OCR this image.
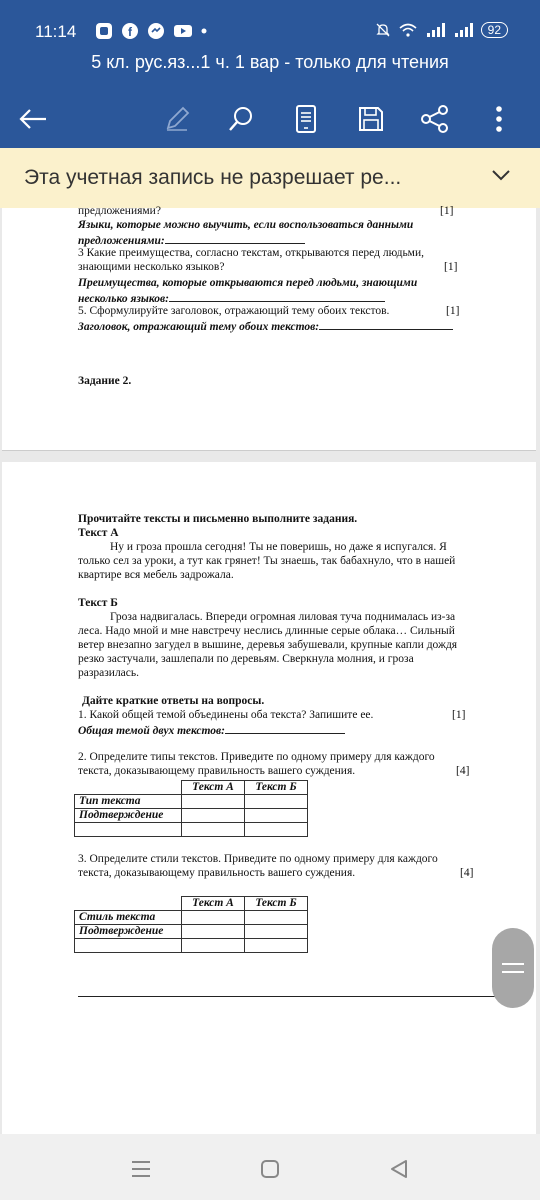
11:14	f	92
5 кл. рус.яз...1 ч. 1 вар - только для чтения
Эта учетная запись не разрешает ре...
предложениями?	[1]
Языки, которые можно выучить, если воспользоваться данными
предложениями:
3 Какие преимущества, согласно текстам, открываются перед людьми,
знающими несколько языков?	[1]
Преимущества, которые открываются перед людьми, знающими
несколько языков:
5. Сформулируйте заголовок, отражающий тему обоих текстов.	[1]
Заголовок, отражающий тему обоих текстов:
Задание 2.
Прочитайте тексты и письменно выполните задания.
Текст А
Ну и гроза прошла сегодня! Ты не поверишь, но даже я испугался. Я
только сел за уроки, а тут как грянет! Ты знаешь, так бабахнуло, что в нашей
квартире вся мебель задрожала.
Текст Б
Гроза надвигалась. Впереди огромная лиловая туча поднималась из-за
леса. Надо мной и мне навстречу неслись длинные серые облака… Сильный
ветер внезапно загудел в вышине, деревья забушевали, крупные капли дождя
резко застучали, зашлепали по деревьям. Сверкнула молния, и гроза
разразилась.
Дайте краткие ответы на вопросы.
1. Какой общей темой объединены оба текста? Запишите ее.	[1]
Общая темой двух текстов:
2. Определите типы текстов. Приведите по одному примеру для каждого
текста, доказывающему правильность вашего суждения.	[4]
	Текст А	Текст Б
Тип текста		
Подтверждение		

3. Определите стили текстов. Приведите по одному примеру для каждого
текста, доказывающему правильность вашего суждения.	[4]
	Текст А	Текст Б
Стиль текста		
Подтверждение		
